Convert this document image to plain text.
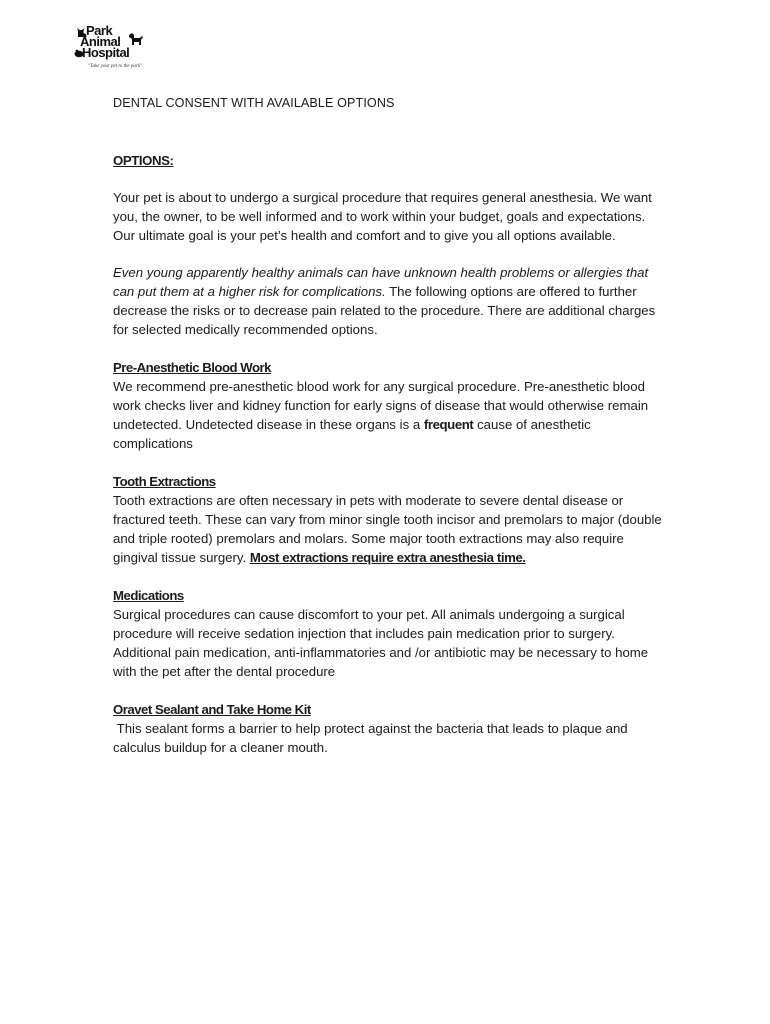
Park
Animal
Hospital
"Take your pet to the park"
DENTAL CONSENT WITH AVAILABLE OPTIONS
OPTIONS:

Your pet is about to undergo a surgical procedure that requires general anesthesia. We want you, the owner, to be well informed and to work within your budget, goals and expectations. Our ultimate goal is your pet’s health and comfort and to give you all options available.

Even young apparently healthy animals can have unknown health problems or allergies that can put them at a higher risk for complications. The following options are offered to further decrease the risks or to decrease pain related to the procedure. There are additional charges for selected medically recommended options.

Pre-Anesthetic Blood Work

We recommend pre-anesthetic blood work for any surgical procedure. Pre-anesthetic blood work checks liver and kidney function for early signs of disease that would otherwise remain undetected. Undetected disease in these organs is a frequent cause of anesthetic complications

Tooth Extractions

Tooth extractions are often necessary in pets with moderate to severe dental disease or fractured teeth. These can vary from minor single tooth incisor and premolars to major (double and triple rooted) premolars and molars. Some major tooth extractions may also require gingival tissue surgery. Most extractions require extra anesthesia time.

Medications

Surgical procedures can cause discomfort to your pet. All animals undergoing a surgical procedure will receive sedation injection that includes pain medication prior to surgery. Additional pain medication, anti-inflammatories and /or antibiotic may be necessary to home with the pet after the dental procedure

Oravet Sealant and Take Home Kit

This sealant forms a barrier to help protect against the bacteria that leads to plaque and calculus buildup for a cleaner mouth.
